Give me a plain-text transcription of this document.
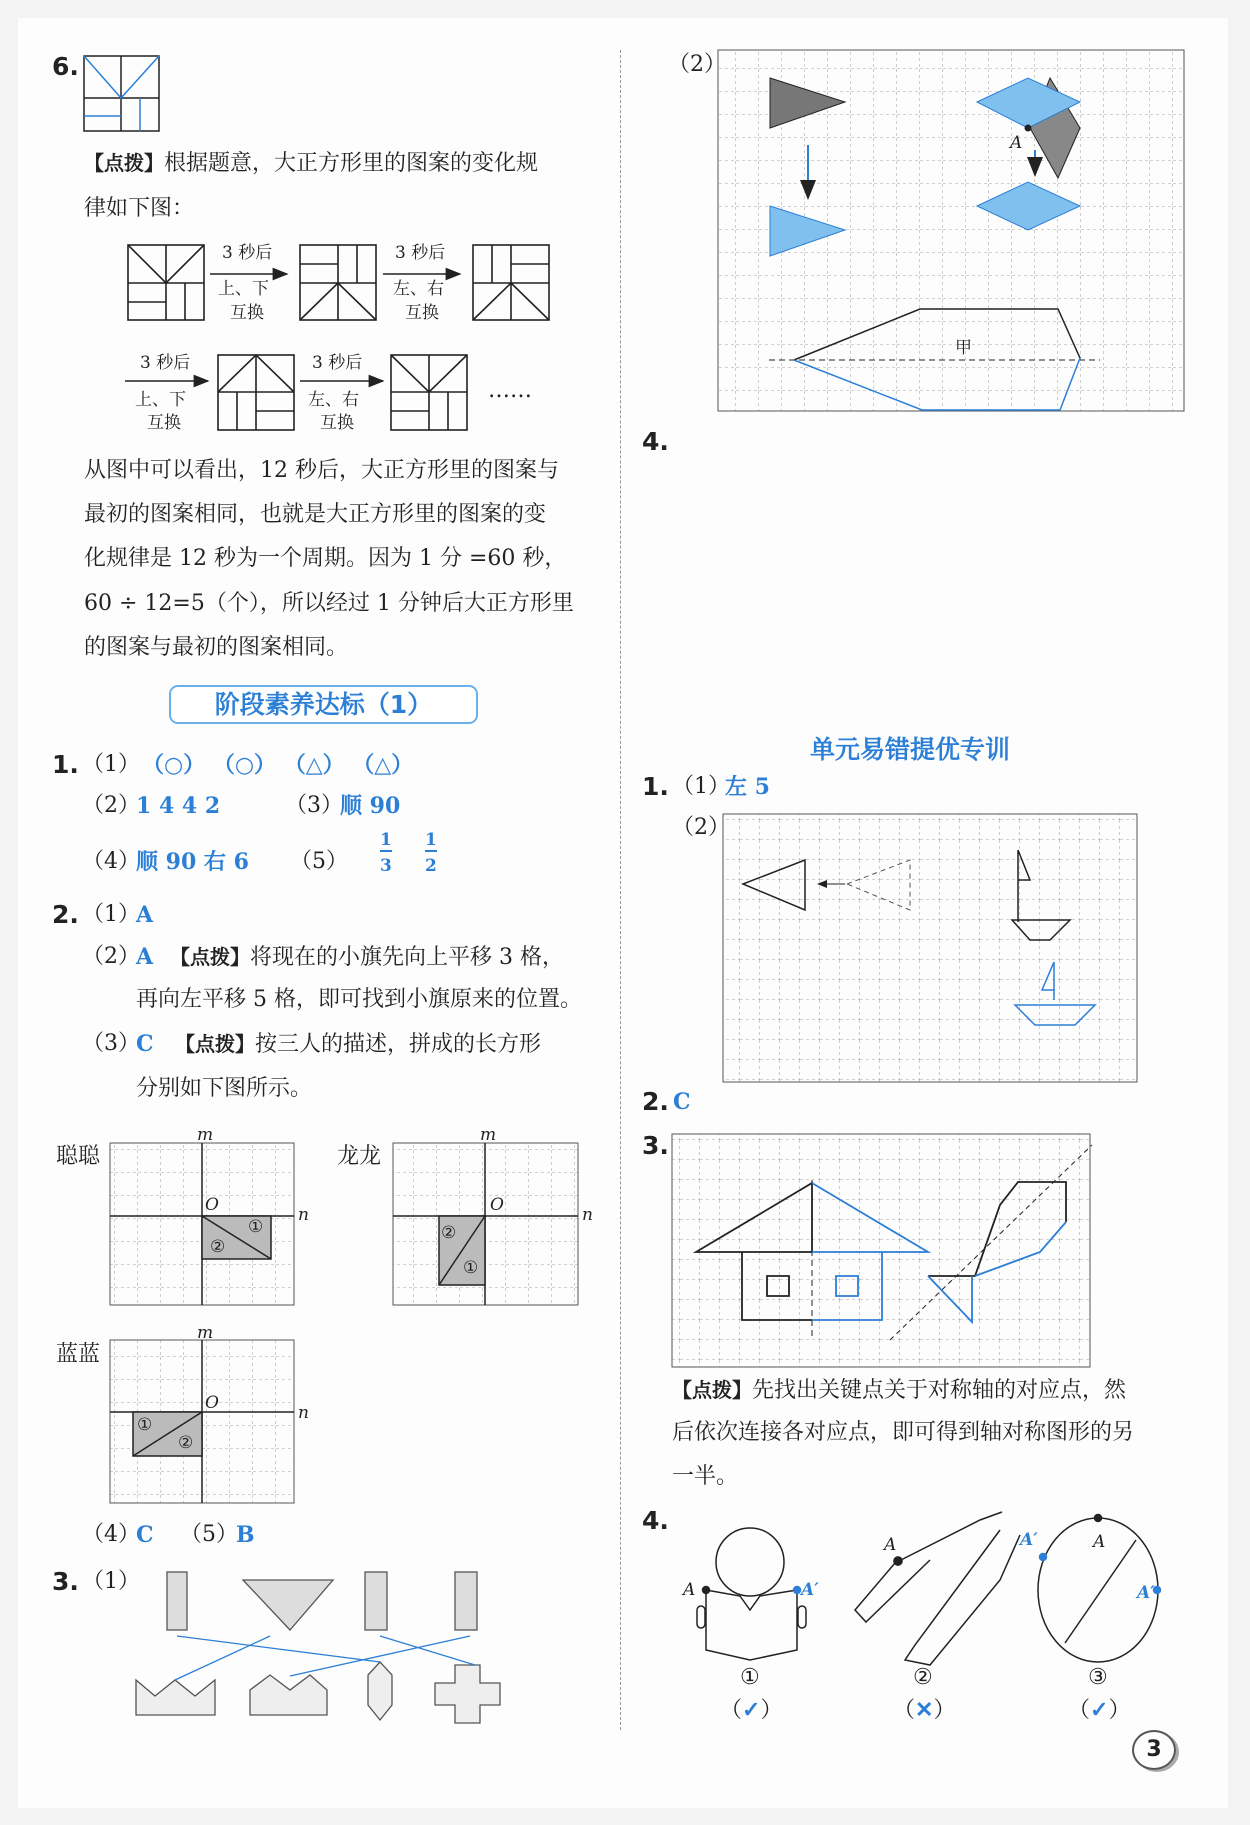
6.
【点拨】根据题意，大正方形里的图案的变化规
律如下图：
3 秒后
上、下
互换
3 秒后
左、右
互换
3 秒后
上、下
互换
3 秒后
左、右
互换
……
从图中可以看出，12 秒后，大正方形里的图案与
最初的图案相同，也就是大正方形里的图案的变
化规律是 12 秒为一个周期。因为 1 分 =60 秒，
60 ÷ 12=5（个），所以经过 1 分钟后大正方形里
的图案与最初的图案相同。
阶段素养达标（1）
1. （1） （○） （○） （△） （△）
（2）
1 4 4 2	（3）
顺 90
（4）
顺 90 右 6 （5）
1
3
1
2
2. （1）
A
（2）
A 【点拨】将现在的小旗先向上平移 3 格，
再向左平移 5 格，即可找到小旗原来的位置。
（3）
C 【点拨】按三人的描述，拼成的长方形
分别如下图所示。
聪聪	龙龙
蓝蓝
m
n
O
①
②
m
n
O
②
①
m
n
O
①
②
（4）
C （5）
B
3. （1）
（2）
A
甲
4.
单元易错提优专训
1. （1）
左 5
（2）
2. C
3.
【点拨】先找出关键点关于对称轴的对应点，然
后依次连接各对应点，即可得到轴对称图形的另
一半。
4.
A	A′
A	A
A′
A′
①	②	③
（✓）	（✕）	（✓）
3
